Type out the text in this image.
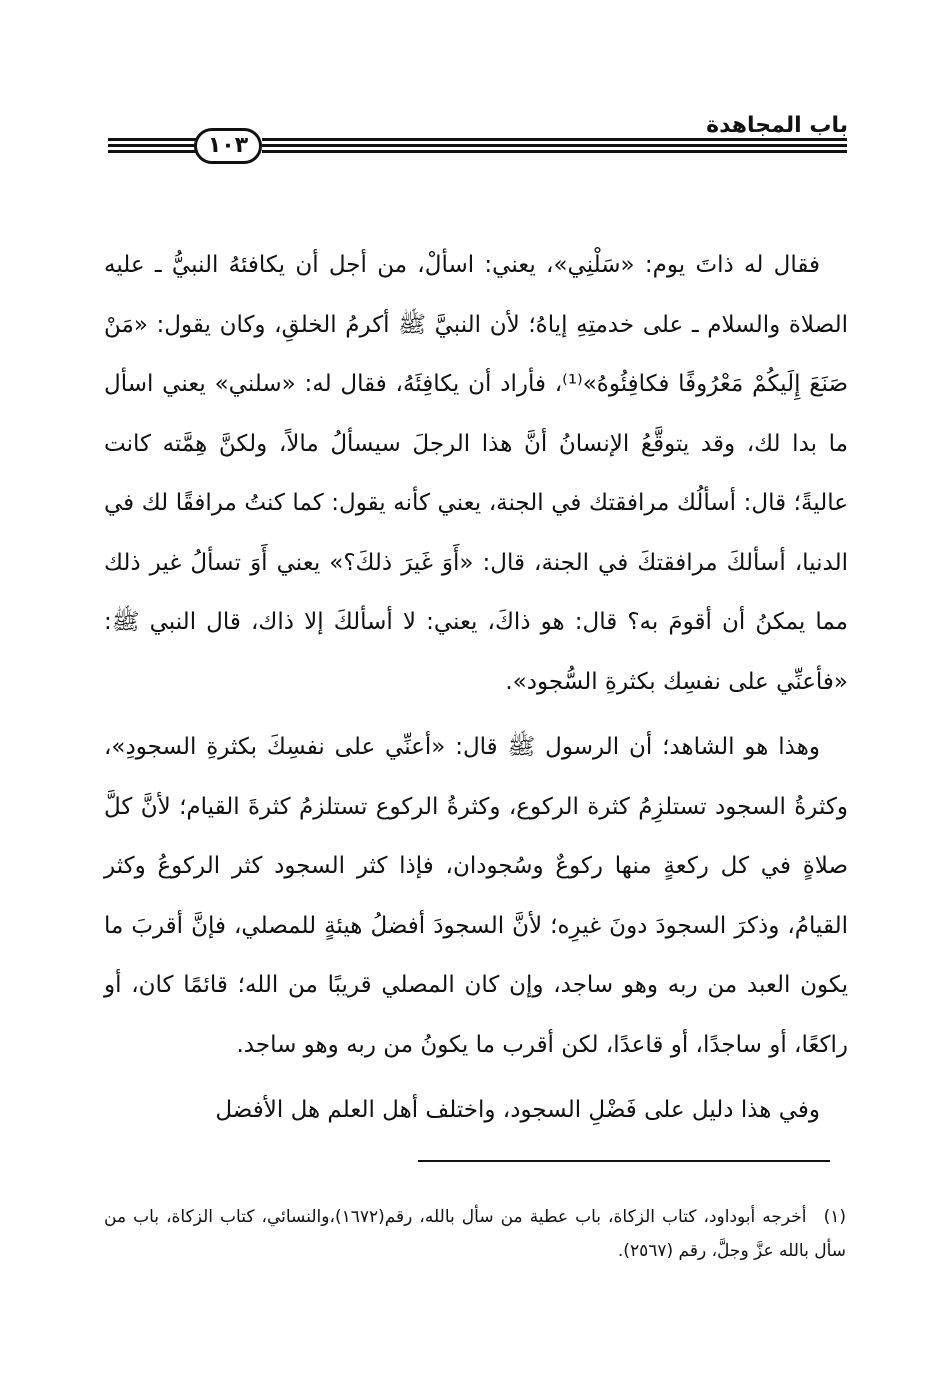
باب المجاهدة
١٠٣

فقال له ذاتَ يوم: «سَلْنِي»، يعني: اسألْ، من أجل أن يكافئهُ النبيُّ ـ عليه الصلاة والسلام ـ على خدمتِهِ إياهُ؛ لأن النبيَّ ﷺ أكرمُ الخلقِ، وكان يقول: «مَنْ صَنَعَ إِلَيكُمْ مَعْرُوفًا فكافِئُوهُ»⁽¹⁾، فأراد أن يكافِئَهُ، فقال له: «سلني» يعني اسأل ما بدا لك، وقد يتوقَّعُ الإنسانُ أنَّ هذا الرجلَ سيسألُ مالاً، ولكنَّ هِمَّته كانت عاليةً؛ قال: أسألُك مرافقتك في الجنة، يعني كأنه يقول: كما كنتُ مرافقًا لك في الدنيا، أسألكَ مرافقتكَ في الجنة، قال: «أَوَ غَيرَ ذلكَ؟» يعني أَوَ تسألُ غير ذلك مما يمكنُ أن أقومَ به؟ قال: هو ذاكَ، يعني: لا أسألكَ إلا ذاك، قال النبي ﷺ: «فأعنِّي على نفسِك بكثرةِ السُّجود».

وهذا هو الشاهد؛ أن الرسول ﷺ قال: «أعنِّي على نفسِكَ بكثرةِ السجودِ»، وكثرةُ السجود تستلزِمُ كثرة الركوع، وكثرةُ الركوع تستلزمُ كثرةَ القيام؛ لأنَّ كلَّ صلاةٍ في كل ركعةٍ منها ركوعٌ وسُجودان، فإذا كثر السجود كثر الركوعُ وكثر القيامُ، وذكرَ السجودَ دونَ غيرِه؛ لأنَّ السجودَ أفضلُ هيئةٍ للمصلي، فإنَّ أقربَ ما يكون العبد من ربه وهو ساجد، وإن كان المصلي قريبًا من الله؛ قائمًا كان، أو راكعًا، أو ساجدًا، أو قاعدًا، لكن أقرب ما يكونُ من ربه وهو ساجد.

وفي هذا دليل على فَضْلِ السجود، واختلف أهل العلم هل الأفضل

(١) أخرجه أبوداود، كتاب الزكاة، باب عطية من سأل بالله، رقم(١٦٧٢)،والنسائي، كتاب الزكاة، باب من سأل بالله عزَّ وجلَّ، رقم (٢٥٦٧).
